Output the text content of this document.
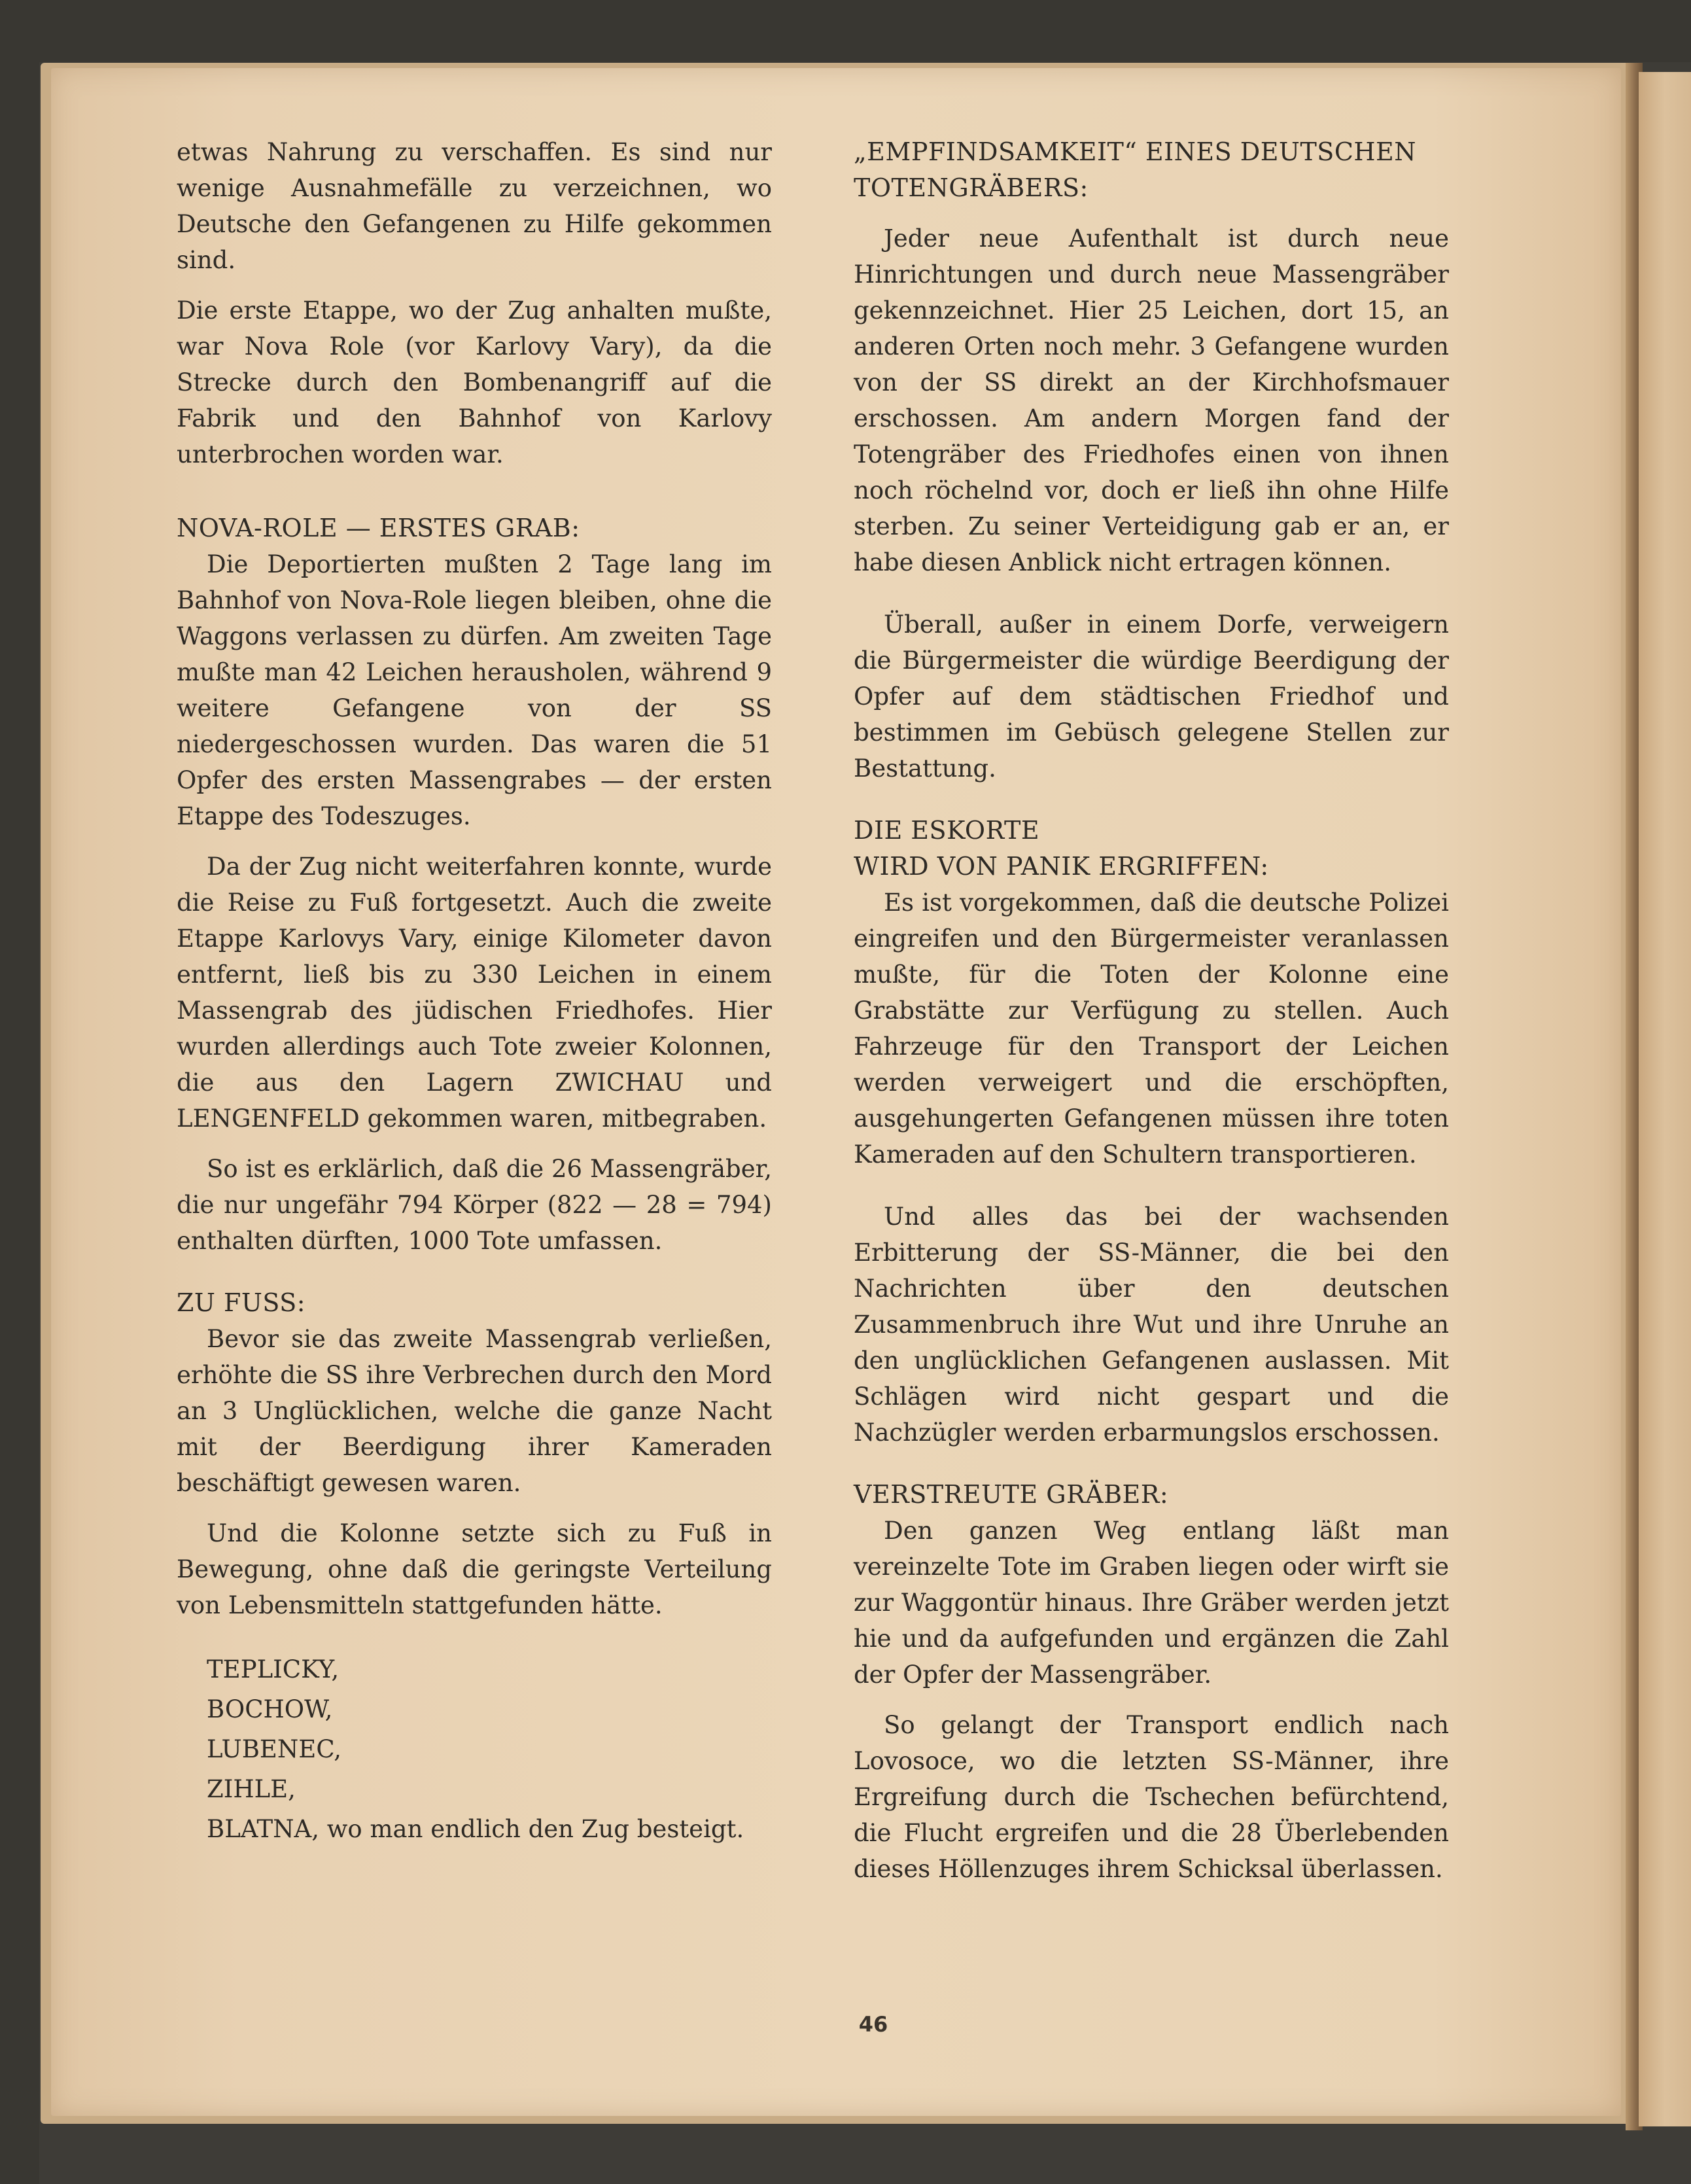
etwas Nahrung zu verschaffen. Es sind nur wenige Ausnahmefälle zu verzeichnen, wo Deutsche den Gefangenen zu Hilfe gekommen sind.

Die erste Etappe, wo der Zug anhalten mußte, war Nova Role (vor Karlovy Vary), da die Strecke durch den Bombenangriff auf die Fabrik und den Bahnhof von Karlovy unterbrochen worden war.

NOVA-ROLE — ERSTES GRAB:

Die Deportierten mußten 2 Tage lang im Bahnhof von Nova-Role liegen bleiben, ohne die Waggons verlassen zu dürfen. Am zweiten Tage mußte man 42 Leichen herausholen, während 9 weitere Gefangene von der SS niedergeschossen wurden. Das waren die 51 Opfer des ersten Massengrabes — der ersten Etappe des Todeszuges.

Da der Zug nicht weiterfahren konnte, wurde die Reise zu Fuß fortgesetzt. Auch die zweite Etappe Karlovys Vary, einige Kilometer davon entfernt, ließ bis zu 330 Leichen in einem Massengrab des jüdischen Friedhofes. Hier wurden allerdings auch Tote zweier Kolonnen, die aus den Lagern ZWICHAU und LENGENFELD gekommen waren, mitbegraben.

So ist es erklärlich, daß die 26 Massengräber, die nur ungefähr 794 Körper (822 — 28 = 794) enthalten dürften, 1000 Tote umfassen.

ZU FUSS:

Bevor sie das zweite Massengrab verließen, erhöhte die SS ihre Verbrechen durch den Mord an 3 Unglücklichen, welche die ganze Nacht mit der Beerdigung ihrer Kameraden beschäftigt gewesen waren.

Und die Kolonne setzte sich zu Fuß in Bewegung, ohne daß die geringste Verteilung von Lebensmitteln stattgefunden hätte.

TEPLICKY,
BOCHOW,
LUBENEC,
ZIHLE,
BLATNA, wo man endlich den Zug besteigt.
„EMPFINDSAMKEIT“ EINES DEUTSCHEN TOTENGRÄBERS:

Jeder neue Aufenthalt ist durch neue Hinrichtungen und durch neue Massengräber gekennzeichnet. Hier 25 Leichen, dort 15, an anderen Orten noch mehr. 3 Gefangene wurden von der SS direkt an der Kirchhofsmauer erschossen. Am andern Morgen fand der Totengräber des Friedhofes einen von ihnen noch röchelnd vor, doch er ließ ihn ohne Hilfe sterben. Zu seiner Verteidigung gab er an, er habe diesen Anblick nicht ertragen können.

Überall, außer in einem Dorfe, verweigern die Bürgermeister die würdige Beerdigung der Opfer auf dem städtischen Friedhof und bestimmen im Gebüsch gelegene Stellen zur Bestattung.

DIE ESKORTE
WIRD VON PANIK ERGRIFFEN:

Es ist vorgekommen, daß die deutsche Polizei eingreifen und den Bürgermeister veranlassen mußte, für die Toten der Kolonne eine Grabstätte zur Verfügung zu stellen. Auch Fahrzeuge für den Transport der Leichen werden verweigert und die erschöpften, ausgehungerten Gefangenen müssen ihre toten Kameraden auf den Schultern transportieren.

Und alles das bei der wachsenden Erbitterung der SS-Männer, die bei den Nachrichten über den deutschen Zusammenbruch ihre Wut und ihre Unruhe an den unglücklichen Gefangenen auslassen. Mit Schlägen wird nicht gespart und die Nachzügler werden erbarmungslos erschossen.

VERSTREUTE GRÄBER:

Den ganzen Weg entlang läßt man vereinzelte Tote im Graben liegen oder wirft sie zur Waggontür hinaus. Ihre Gräber werden jetzt hie und da aufgefunden und ergänzen die Zahl der Opfer der Massengräber.

So gelangt der Transport endlich nach Lovosoce, wo die letzten SS-Männer, ihre Ergreifung durch die Tschechen befürchtend, die Flucht ergreifen und die 28 Überlebenden dieses Höllenzuges ihrem Schicksal überlassen.

46
